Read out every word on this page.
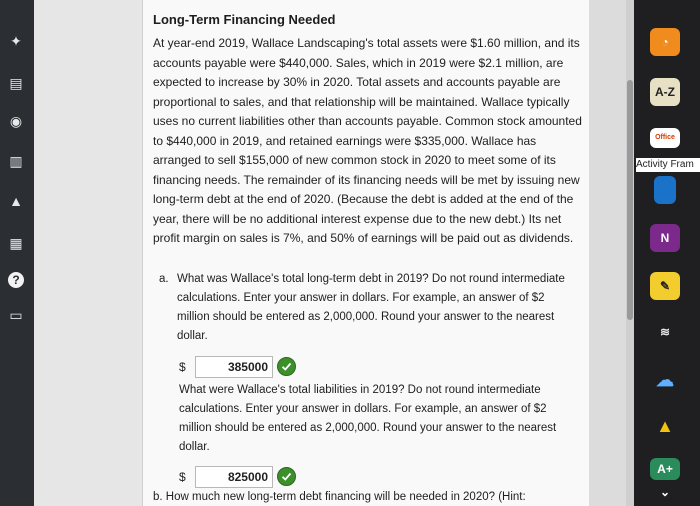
✦
▤
◉
▥
▲
▦
?
▭
Long-Term Financing Needed
At year-end 2019, Wallace Landscaping's total assets were $1.60 million, and its accounts payable were $440,000. Sales, which in 2019 were $2.1 million, are expected to increase by 30% in 2020. Total assets and accounts payable are proportional to sales, and that relationship will be maintained. Wallace typically uses no current liabilities other than accounts payable. Common stock amounted to $440,000 in 2019, and retained earnings were $335,000. Wallace has arranged to sell $155,000 of new common stock in 2020 to meet some of its financing needs. The remainder of its financing needs will be met by issuing new long-term debt at the end of 2020. (Because the debt is added at the end of the year, there will be no additional interest expense due to the new debt.) Its net profit margin on sales is 7%, and 50% of earnings will be paid out as dividends.
a. What was Wallace's total long-term debt in 2019? Do not round intermediate calculations. Enter your answer in dollars. For example, an answer of $2 million should be entered as 2,000,000. Round your answer to the nearest dollar.
$	385000
What were Wallace's total liabilities in 2019? Do not round intermediate calculations. Enter your answer in dollars. For example, an answer of $2 million should be entered as 2,000,000. Round your answer to the nearest dollar.
$	825000
b. How much new long-term debt financing will be needed in 2020? (Hint:
◔
A-Z
Office
Activity Fram
N
✎
≋
☁
▲
A+
⌄
